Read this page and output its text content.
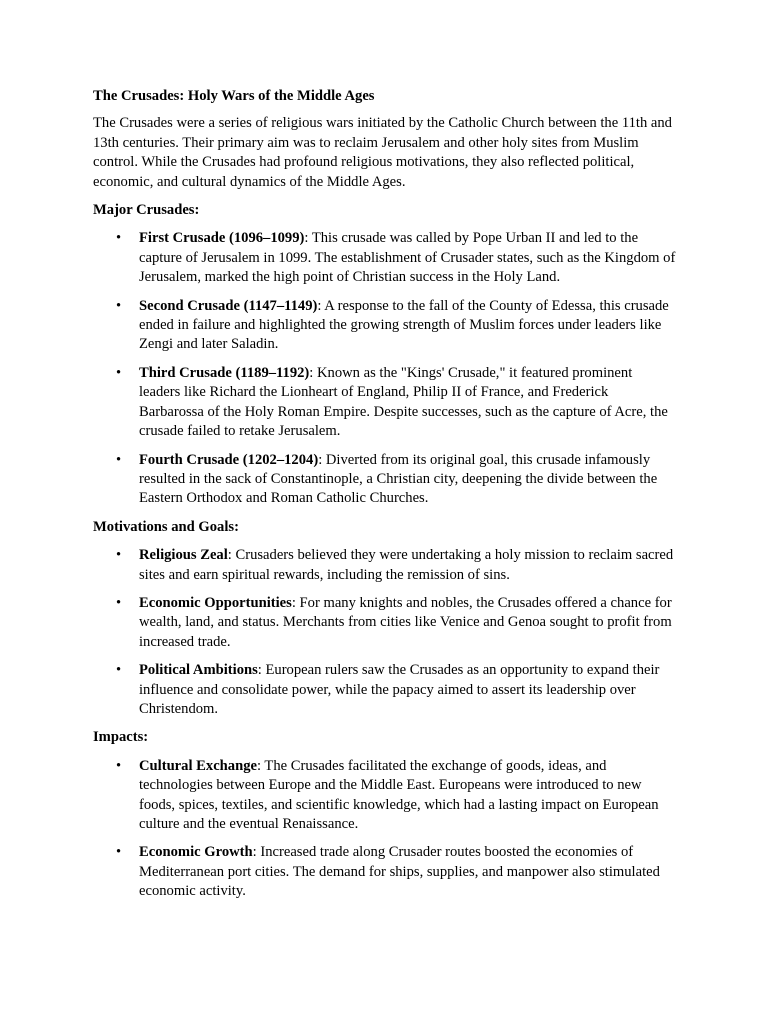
The Crusades: Holy Wars of the Middle Ages

The Crusades were a series of religious wars initiated by the Catholic Church between the 11th and 13th centuries. Their primary aim was to reclaim Jerusalem and other holy sites from Muslim control. While the Crusades had profound religious motivations, they also reflected political, economic, and cultural dynamics of the Middle Ages.

Major Crusades:
• First Crusade (1096–1099): This crusade was called by Pope Urban II and led to the capture of Jerusalem in 1099. The establishment of Crusader states, such as the Kingdom of Jerusalem, marked the high point of Christian success in the Holy Land.
• Second Crusade (1147–1149): A response to the fall of the County of Edessa, this crusade ended in failure and highlighted the growing strength of Muslim forces under leaders like Zengi and later Saladin.
• Third Crusade (1189–1192): Known as the "Kings' Crusade," it featured prominent leaders like Richard the Lionheart of England, Philip II of France, and Frederick Barbarossa of the Holy Roman Empire. Despite successes, such as the capture of Acre, the crusade failed to retake Jerusalem.
• Fourth Crusade (1202–1204): Diverted from its original goal, this crusade infamously resulted in the sack of Constantinople, a Christian city, deepening the divide between the Eastern Orthodox and Roman Catholic Churches.
Motivations and Goals:
• Religious Zeal: Crusaders believed they were undertaking a holy mission to reclaim sacred sites and earn spiritual rewards, including the remission of sins.
• Economic Opportunities: For many knights and nobles, the Crusades offered a chance for wealth, land, and status. Merchants from cities like Venice and Genoa sought to profit from increased trade.
• Political Ambitions: European rulers saw the Crusades as an opportunity to expand their influence and consolidate power, while the papacy aimed to assert its leadership over Christendom.
Impacts:
• Cultural Exchange: The Crusades facilitated the exchange of goods, ideas, and technologies between Europe and the Middle East. Europeans were introduced to new foods, spices, textiles, and scientific knowledge, which had a lasting impact on European culture and the eventual Renaissance.
• Economic Growth: Increased trade along Crusader routes boosted the economies of Mediterranean port cities. The demand for ships, supplies, and manpower also stimulated economic activity.
